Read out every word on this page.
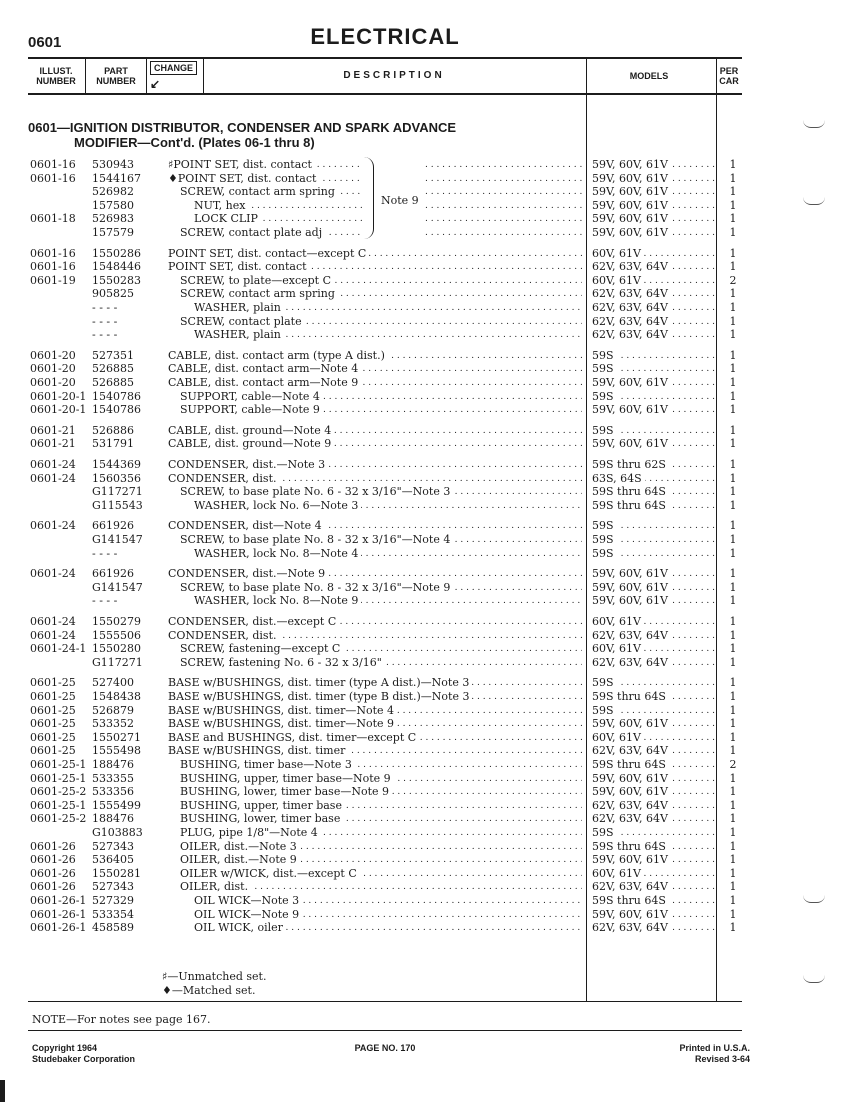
0601	ELECTRICAL
ILLUST.
NUMBER
PART
NUMBER
CHANGE
↙
DESCRIPTION	MODELS	PER
CAR
0601—IGNITION DISTRIBUTOR, CONDENSER AND SPARK ADVANCE
MODIFIER—Cont'd. (Plates 06-1 thru 8)
0601-16 530943	♯POINT SET, dist. contact . . . . . .	59V, 60V, 61V . . .	1
0601-16 1544167 ♦POINT SET, dist. contact . . . . . .	59V, 60V, 61V . . .	1
526982	SCREW, contact arm spring . . . . . .	59V, 60V, 61V . . .	1
157580	NUT, hex . . . . . .	59V, 60V, 61V . . .	1
0601-18 526983	LOCK CLIP . . . . . .	59V, 60V, 61V . . .	1
157579	SCREW, contact plate adj . . . . . .	59V, 60V, 61V . . .	1
0601-16 1550286 POINT SET, dist. contact—except C . . .	60V, 61V . . .	1
0601-16 1548446 POINT SET, dist. contact . . .	62V, 63V, 64V . . .	1
0601-19 1550283	SCREW, to plate—except C . . .	60V, 61V . . .	2
905825	SCREW, contact arm spring . . .	62V, 63V, 64V . . .	1
- - - -	WASHER, plain . . .	62V, 63V, 64V . . .	1
- - - -	SCREW, contact plate . . .	62V, 63V, 64V . . .	1
- - - -	WASHER, plain . . .	62V, 63V, 64V . . .	1
0601-20 527351	CABLE, dist. contact arm (type A dist.) . . .	59S . . .	1
0601-20 526885	CABLE, dist. contact arm—Note 4 . . .	59S . . .	1
0601-20 526885	CABLE, dist. contact arm—Note 9 . . .	59V, 60V, 61V . . .	1
0601-20-1 1540786	SUPPORT, cable—Note 4 . . .	59S . . .	1
0601-20-1 1540786	SUPPORT, cable—Note 9 . . .	59V, 60V, 61V . . .	1
0601-21 526886	CABLE, dist. ground—Note 4 . . .	59S . . .	1
0601-21 531791	CABLE, dist. ground—Note 9 . . .	59V, 60V, 61V . . .	1
0601-24 1544369 CONDENSER, dist.—Note 3 . . .	59S thru 62S . . .	1
0601-24 1560356 CONDENSER, dist. . . .	63S, 64S . . .	1
G117271	SCREW, to base plate No. 6 - 32 x 3/16"—Note 3 . . .	59S thru 64S . . .	1
G115543	WASHER, lock No. 6—Note 3 . . .	59S thru 64S . . .	1
0601-24 661926	CONDENSER, dist—Note 4 . . .	59S . . .	1
G141547	SCREW, to base plate No. 8 - 32 x 3/16"—Note 4 . . .	59S . . .	1
- - - -	WASHER, lock No. 8—Note 4 . . .	59S . . .	1
0601-24 661926	CONDENSER, dist.—Note 9 . . .	59V, 60V, 61V . . .	1
G141547	SCREW, to base plate No. 8 - 32 x 3/16"—Note 9 . . .	59V, 60V, 61V . . .	1
- - - -	WASHER, lock No. 8—Note 9 . . .	59V, 60V, 61V . . .	1
0601-24 1550279 CONDENSER, dist.—except C . . .	60V, 61V . . .	1
0601-24 1555506 CONDENSER, dist. . . .	62V, 63V, 64V . . .	1
0601-24-1 1550280	SCREW, fastening—except C . . .	60V, 61V . . .	1
G117271	SCREW, fastening No. 6 - 32 x 3/16" . . .	62V, 63V, 64V . . .	1
0601-25 527400	BASE w/BUSHINGS, dist. timer (type A dist.)—Note 3 . . .	59S . . .	1
0601-25 1548438 BASE w/BUSHINGS, dist. timer (type B dist.)—Note 3 . . .	59S thru 64S . . .	1
0601-25 526879	BASE w/BUSHINGS, dist. timer—Note 4 . . .	59S . . .	1
0601-25 533352	BASE w/BUSHINGS, dist. timer—Note 9 . . .	59V, 60V, 61V . . .	1
0601-25 1550271 BASE and BUSHINGS, dist. timer—except C . . .	60V, 61V . . .	1
0601-25 1555498 BASE w/BUSHINGS, dist. timer . . .	62V, 63V, 64V . . .	1
0601-25-1 188476	BUSHING, timer base—Note 3 . . .	59S thru 64S . . .	2
0601-25-1 533355	BUSHING, upper, timer base—Note 9 . . .	59V, 60V, 61V . . .	1
0601-25-2 533356	BUSHING, lower, timer base—Note 9 . . .	59V, 60V, 61V . . .	1
0601-25-1 1555499	BUSHING, upper, timer base . . .	62V, 63V, 64V . . .	1
0601-25-2 188476	BUSHING, lower, timer base . . .	62V, 63V, 64V . . .	1
G103883	PLUG, pipe 1/8"—Note 4 . . .	59S . . .	1
0601-26 527343	OILER, dist.—Note 3 . . .	59S thru 64S . . .	1
0601-26 536405	OILER, dist.—Note 9 . . .	59V, 60V, 61V . . .	1
0601-26 1550281	OILER w/WICK, dist.—except C . . .	60V, 61V . . .	1
0601-26 527343	OILER, dist. . . .	62V, 63V, 64V . . .	1
0601-26-1 527329	OIL WICK—Note 3 . . .	59S thru 64S . . .	1
0601-26-1 533354	OIL WICK—Note 9 . . .	59V, 60V, 61V . . .	1
0601-26-1 458589	OIL WICK, oiler . . .	62V, 63V, 64V . . .	1
Note 9
♯—Unmatched set.
♦—Matched set.
NOTE—For notes see page 167.
Copyright 1964
Studebaker Corporation
PAGE NO. 170	Printed in U.S.A.
Revised 3-64
